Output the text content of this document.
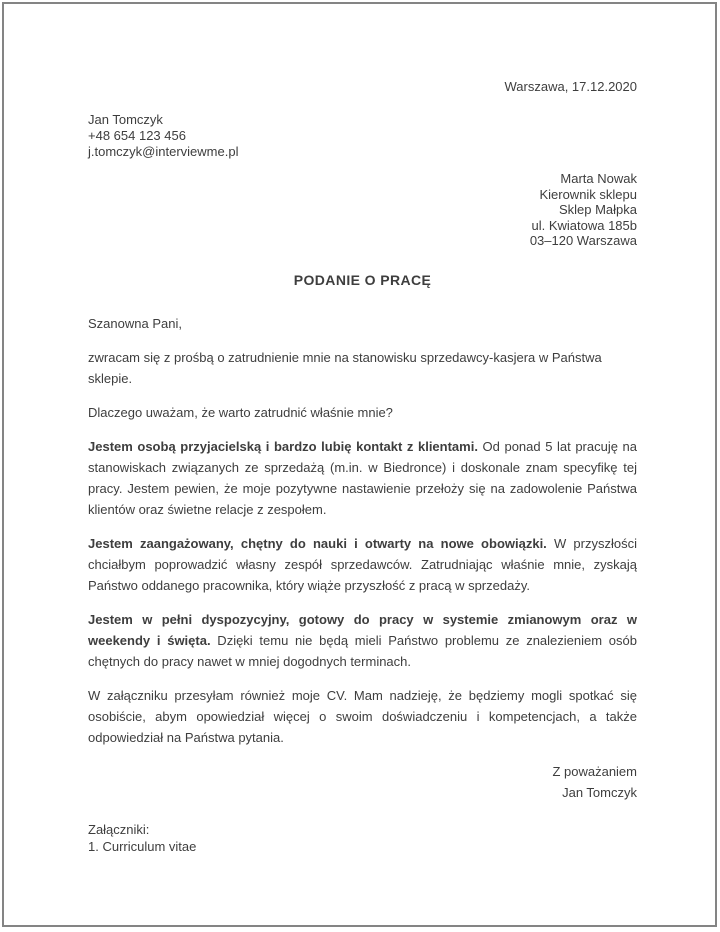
Warszawa, 17.12.2020
Jan Tomczyk
+48 654 123 456
j.tomczyk@interviewme.pl
Marta Nowak
Kierownik sklepu
Sklep Małpka
ul. Kwiatowa 185b
03–120 Warszawa
PODANIE O PRACĘ

Szanowna Pani,

zwracam się z prośbą o zatrudnienie mnie na stanowisku sprzedawcy-kasjera w Państwa sklepie.

Dlaczego uważam, że warto zatrudnić właśnie mnie?

Jestem osobą przyjacielską i bardzo lubię kontakt z klientami. Od ponad 5 lat pracuję na stanowiskach związanych ze sprzedażą (m.in. w Biedronce) i doskonale znam specyfikę tej pracy. Jestem pewien, że moje pozytywne nastawienie przełoży się na zadowolenie Państwa klientów oraz świetne relacje z zespołem.

Jestem zaangażowany, chętny do nauki i otwarty na nowe obowiązki. W przyszłości chciałbym poprowadzić własny zespół sprzedawców. Zatrudniając właśnie mnie, zyskają Państwo oddanego pracownika, który wiąże przyszłość z pracą w sprzedaży.

Jestem w pełni dyspozycyjny, gotowy do pracy w systemie zmianowym oraz w weekendy i święta. Dzięki temu nie będą mieli Państwo problemu ze znalezieniem osób chętnych do pracy nawet w mniej dogodnych terminach.

W załączniku przesyłam również moje CV. Mam nadzieję, że będziemy mogli spotkać się osobiście, abym opowiedział więcej o swoim doświadczeniu i kompetencjach, a także odpowiedział na Państwa pytania.

Z poważaniem
Jan Tomczyk
Załączniki:
1. Curriculum vitae
